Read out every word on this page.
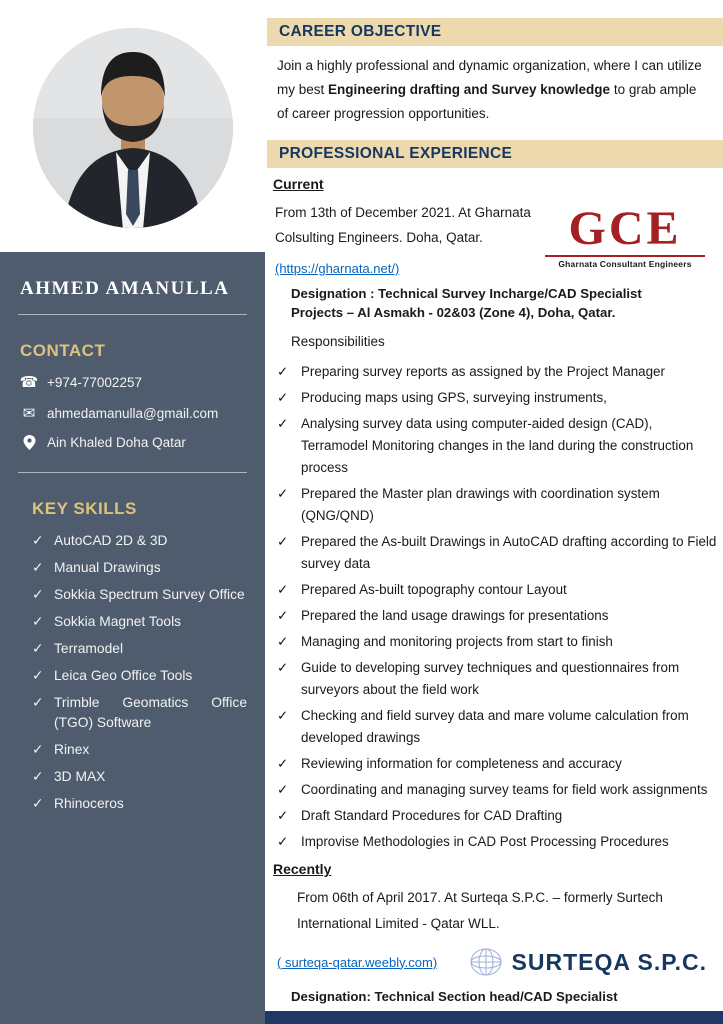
AHMED AMANULLA
CONTACT
☎ +974-77002257
✉ ahmedamanulla@gmail.com
Ain Khaled Doha Qatar
KEY SKILLS
✓ AutoCAD 2D & 3D
✓ Manual Drawings
✓ Sokkia Spectrum Survey Office
✓ Sokkia Magnet Tools
✓ Terramodel
✓ Leica Geo Office Tools
✓ Trimble Geomatics Office (TGO) Software
✓ Rinex
✓ 3D MAX
✓ Rhinoceros
CAREER OBJECTIVE

Join a highly professional and dynamic organization, where I can utilize my best Engineering drafting and Survey knowledge to grab ample of career progression opportunities.

PROFESSIONAL EXPERIENCE
Current

From 13th of December 2021. At Gharnata Colsulting Engineers. Doha, Qatar.

(https://gharnata.net/)
GCE
Gharnata Consultant Engineers
Designation : Technical Survey Incharge/CAD Specialist
Projects – Al Asmakh - 02&03 (Zone 4), Doha, Qatar.
Responsibilities
✓ Preparing survey reports as assigned by the Project Manager
✓ Producing maps using GPS, surveying instruments,
✓ Analysing survey data using computer-aided design (CAD), Terramodel Monitoring changes in the land during the construction process
✓ Prepared the Master plan drawings with coordination system (QNG/QND)
✓ Prepared the As-built Drawings in AutoCAD drafting according to Field survey data
✓ Prepared As-built topography contour Layout
✓ Prepared the land usage drawings for presentations
✓ Managing and monitoring projects from start to finish
✓ Guide to developing survey techniques and questionnaires from surveyors about the field work
✓ Checking and field survey data and mare volume calculation from developed drawings
✓ Reviewing information for completeness and accuracy
✓ Coordinating and managing survey teams for field work assignments
✓ Draft Standard Procedures for CAD Drafting
✓ Improvise Methodologies in CAD Post Processing Procedures
Recently

From 06th of April 2017. At Surteqa S.P.C. – formerly Surtech International Limited - Qatar WLL.

( surteqa-qatar.weebly.com)	SURTEQA S.P.C.
Designation: Technical Section head/CAD Specialist
